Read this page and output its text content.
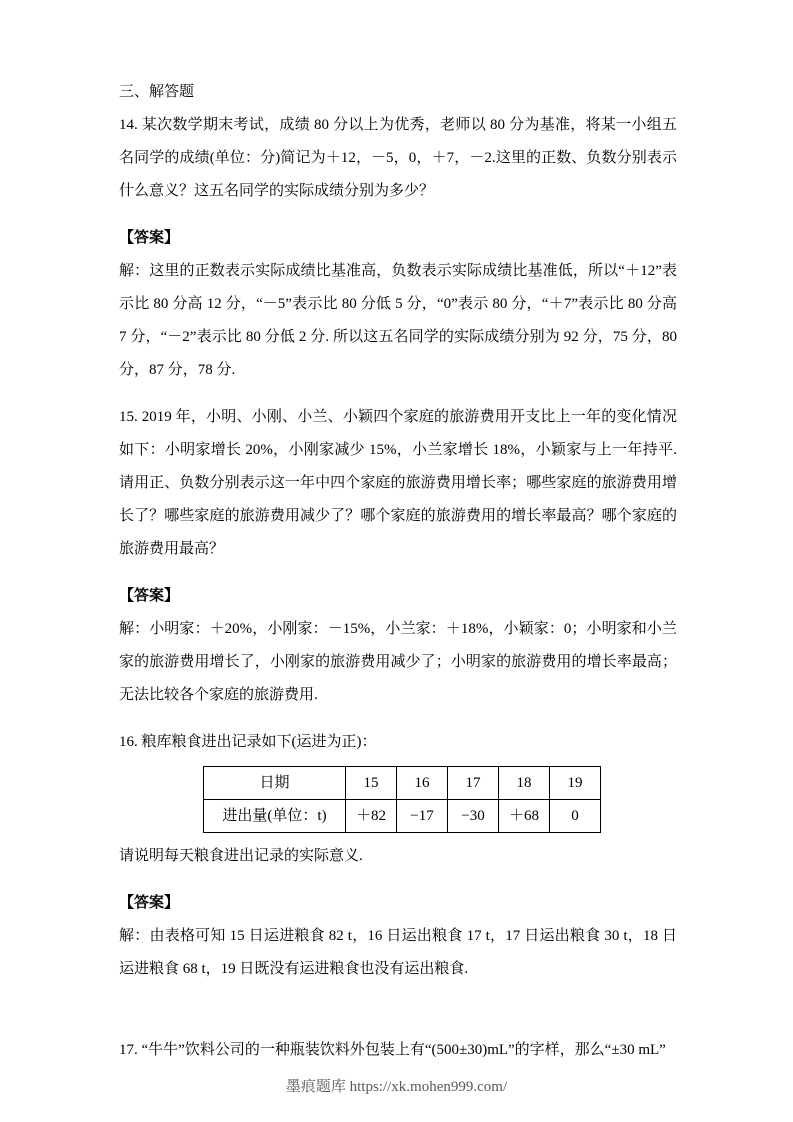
三、解答题

14. 某次数学期末考试，成绩 80 分以上为优秀，老师以 80 分为基准，将某一小组五名同学的成绩(单位：分)简记为＋12，－5，0，＋7，－2.这里的正数、负数分别表示什么意义？这五名同学的实际成绩分别为多少？

【答案】

解：这里的正数表示实际成绩比基准高，负数表示实际成绩比基准低，所以“＋12”表示比 80 分高 12 分，“－5”表示比 80 分低 5 分，“0”表示 80 分，“＋7”表示比 80 分高 7 分，“－2”表示比 80 分低 2 分. 所以这五名同学的实际成绩分别为 92 分，75 分，80 分，87 分，78 分.

15. 2019 年，小明、小刚、小兰、小颖四个家庭的旅游费用开支比上一年的变化情况如下：小明家增长 20%，小刚家减少 15%，小兰家增长 18%，小颖家与上一年持平. 请用正、负数分别表示这一年中四个家庭的旅游费用增长率；哪些家庭的旅游费用增长了？哪些家庭的旅游费用减少了？哪个家庭的旅游费用的增长率最高？哪个家庭的旅游费用最高？

【答案】

解：小明家：＋20%，小刚家：－15%，小兰家：＋18%，小颖家：0；小明家和小兰家的旅游费用增长了，小刚家的旅游费用减少了；小明家的旅游费用的增长率最高；无法比较各个家庭的旅游费用.

16. 粮库粮食进出记录如下(运进为正)：

日期	15	16	17	18	19
进出量(单位：t)	＋82	−17	−30	＋68	0

请说明每天粮食进出记录的实际意义.

【答案】

解：由表格可知 15 日运进粮食 82 t，16 日运出粮食 17 t，17 日运出粮食 30 t，18 日运进粮食 68 t，19 日既没有运进粮食也没有运出粮食.

17. “牛牛”饮料公司的一种瓶装饮料外包装上有“(500±30)mL”的字样，那么“±30 mL”

墨痕题库 https://xk.mohen999.com/
